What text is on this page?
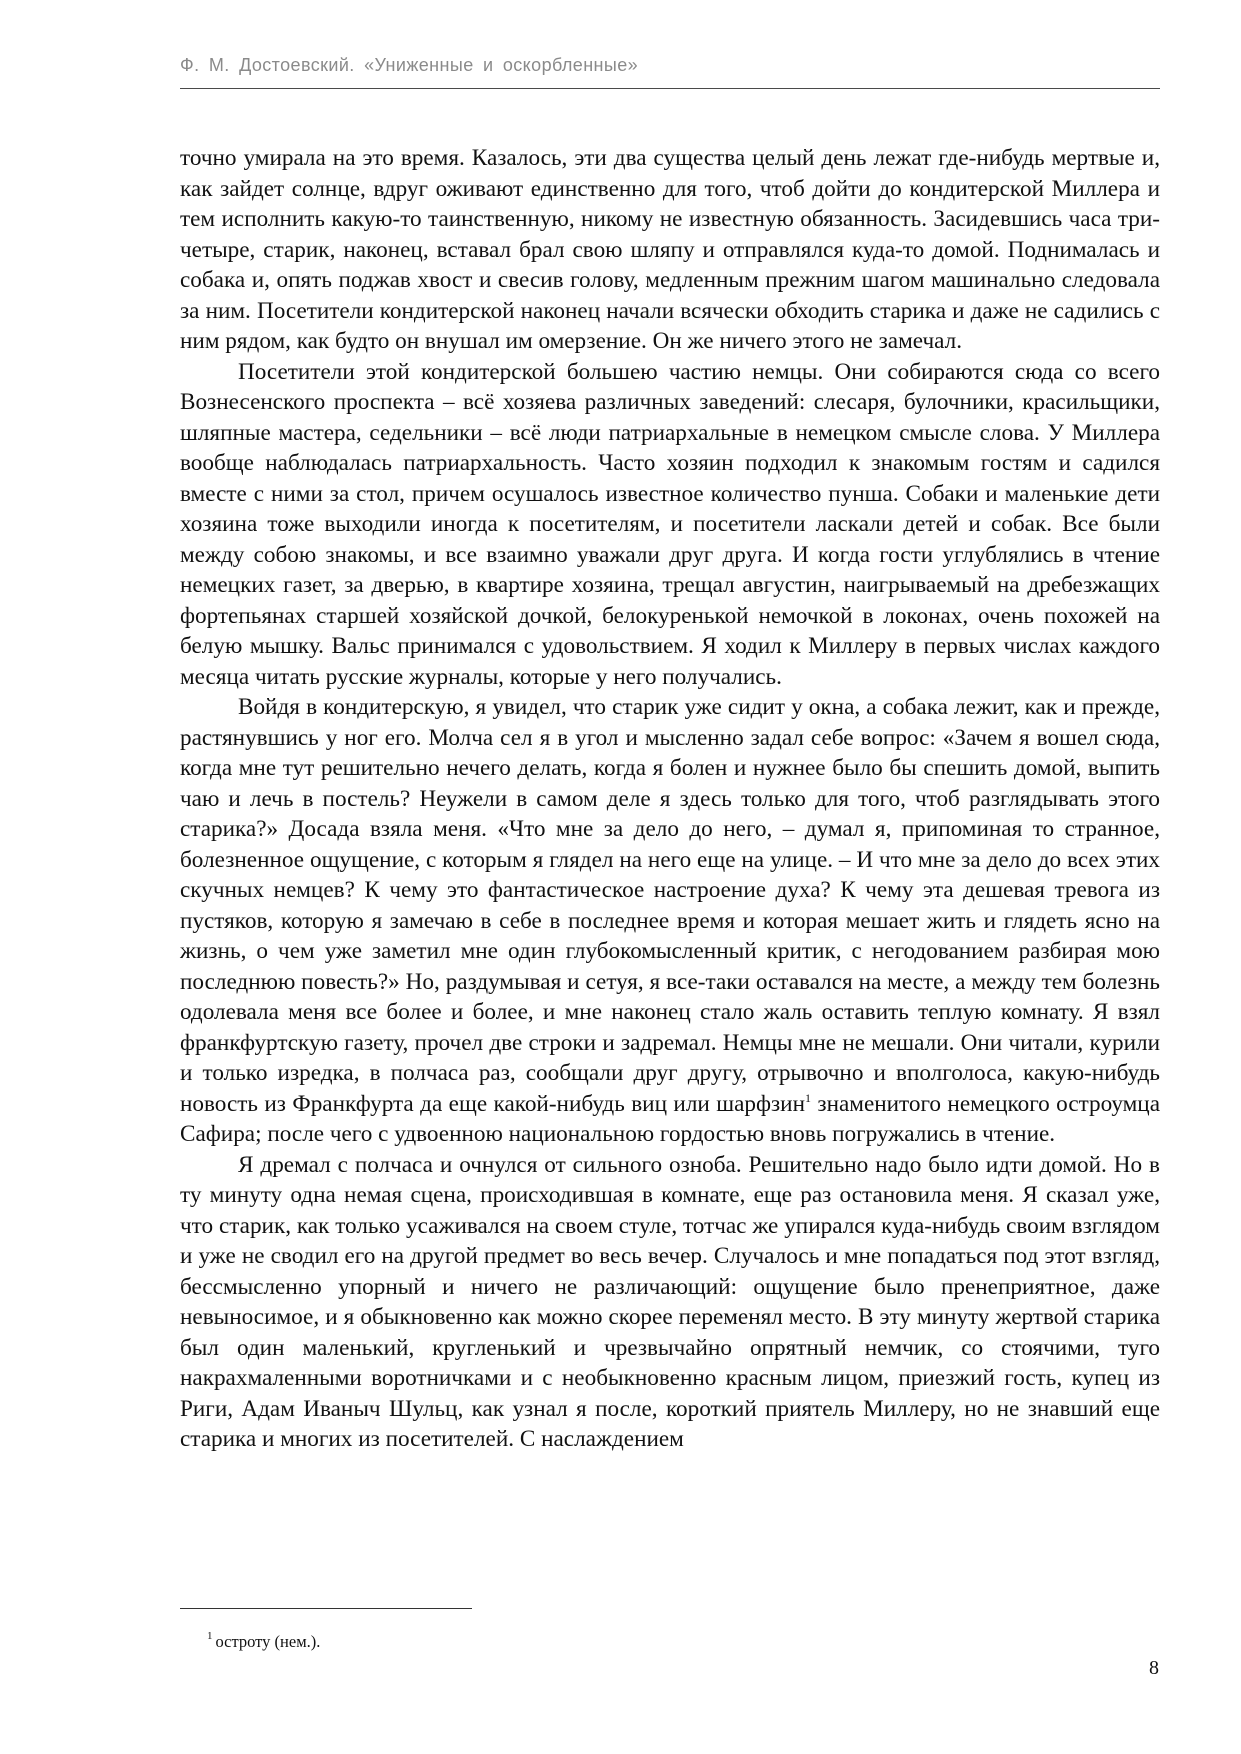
Ф. М. Достоевский. «Униженные и оскорбленные»

точно умирала на это время. Казалось, эти два существа целый день лежат где-нибудь мертвые и, как зайдет солнце, вдруг оживают единственно для того, чтоб дойти до кондитерской Миллера и тем исполнить какую-то таинственную, никому не известную обязанность. Засидевшись часа три-четыре, старик, наконец, вставал брал свою шляпу и отправлялся куда-то домой. Поднималась и собака и, опять поджав хвост и свесив голову, медленным прежним шагом машинально следовала за ним. Посетители кондитерской наконец начали всячески обходить старика и даже не садились с ним рядом, как будто он внушал им омерзение. Он же ничего этого не замечал.

Посетители этой кондитерской большею частию немцы. Они собираются сюда со всего Вознесенского проспекта – всё хозяева различных заведений: слесаря, булочники, красильщики, шляпные мастера, седельники – всё люди патриархальные в немецком смысле слова. У Миллера вообще наблюдалась патриархальность. Часто хозяин подходил к знакомым гостям и садился вместе с ними за стол, причем осушалось известное количество пунша. Собаки и маленькие дети хозяина тоже выходили иногда к посетителям, и посетители ласкали детей и собак. Все были между собою знакомы, и все взаимно уважали друг друга. И когда гости углублялись в чтение немецких газет, за дверью, в квартире хозяина, трещал августин, наигрываемый на дребезжащих фортепьянах старшей хозяйской дочкой, белокуренькой немочкой в локонах, очень похожей на белую мышку. Вальс принимался с удовольствием. Я ходил к Миллеру в первых числах каждого месяца читать русские журналы, которые у него получались.

Войдя в кондитерскую, я увидел, что старик уже сидит у окна, а собака лежит, как и прежде, растянувшись у ног его. Молча сел я в угол и мысленно задал себе вопрос: «Зачем я вошел сюда, когда мне тут решительно нечего делать, когда я болен и нужнее было бы спешить домой, выпить чаю и лечь в постель? Неужели в самом деле я здесь только для того, чтоб разглядывать этого старика?» Досада взяла меня. «Что мне за дело до него, – думал я, припоминая то странное, болезненное ощущение, с которым я глядел на него еще на улице. – И что мне за дело до всех этих скучных немцев? К чему это фантастическое настроение духа? К чему эта дешевая тревога из пустяков, которую я замечаю в себе в последнее время и которая мешает жить и глядеть ясно на жизнь, о чем уже заметил мне один глубокомысленный критик, с негодованием разбирая мою последнюю повесть?» Но, раздумывая и сетуя, я все-таки оставался на месте, а между тем болезнь одолевала меня все более и более, и мне наконец стало жаль оставить теплую комнату. Я взял франкфуртскую газету, прочел две строки и задремал. Немцы мне не мешали. Они читали, курили и только изредка, в полчаса раз, сообщали друг другу, отрывочно и вполголоса, какую-нибудь новость из Франкфурта да еще какой-нибудь виц или шарфзин$^1$ знаменитого немецкого остроумца Сафира; после чего с удвоенною национальною гордостью вновь погружались в чтение.

Я дремал с полчаса и очнулся от сильного озноба. Решительно надо было идти домой. Но в ту минуту одна немая сцена, происходившая в комнате, еще раз остановила меня. Я сказал уже, что старик, как только усаживался на своем стуле, тотчас же упирался куда-нибудь своим взглядом и уже не сводил его на другой предмет во весь вечер. Случалось и мне попадаться под этот взгляд, бессмысленно упорный и ничего не различающий: ощущение было пренеприятное, даже невыносимое, и я обыкновенно как можно скорее переменял место. В эту минуту жертвой старика был один маленький, кругленький и чрезвычайно опрятный немчик, со стоячими, туго накрахмаленными воротничками и с необыкновенно красным лицом, приезжий гость, купец из Риги, Адам Иваныч Шульц, как узнал я после, короткий приятель Миллеру, но не знавший еще старика и многих из посетителей. С наслаждением

$^1$ остроту (нем.).
8
